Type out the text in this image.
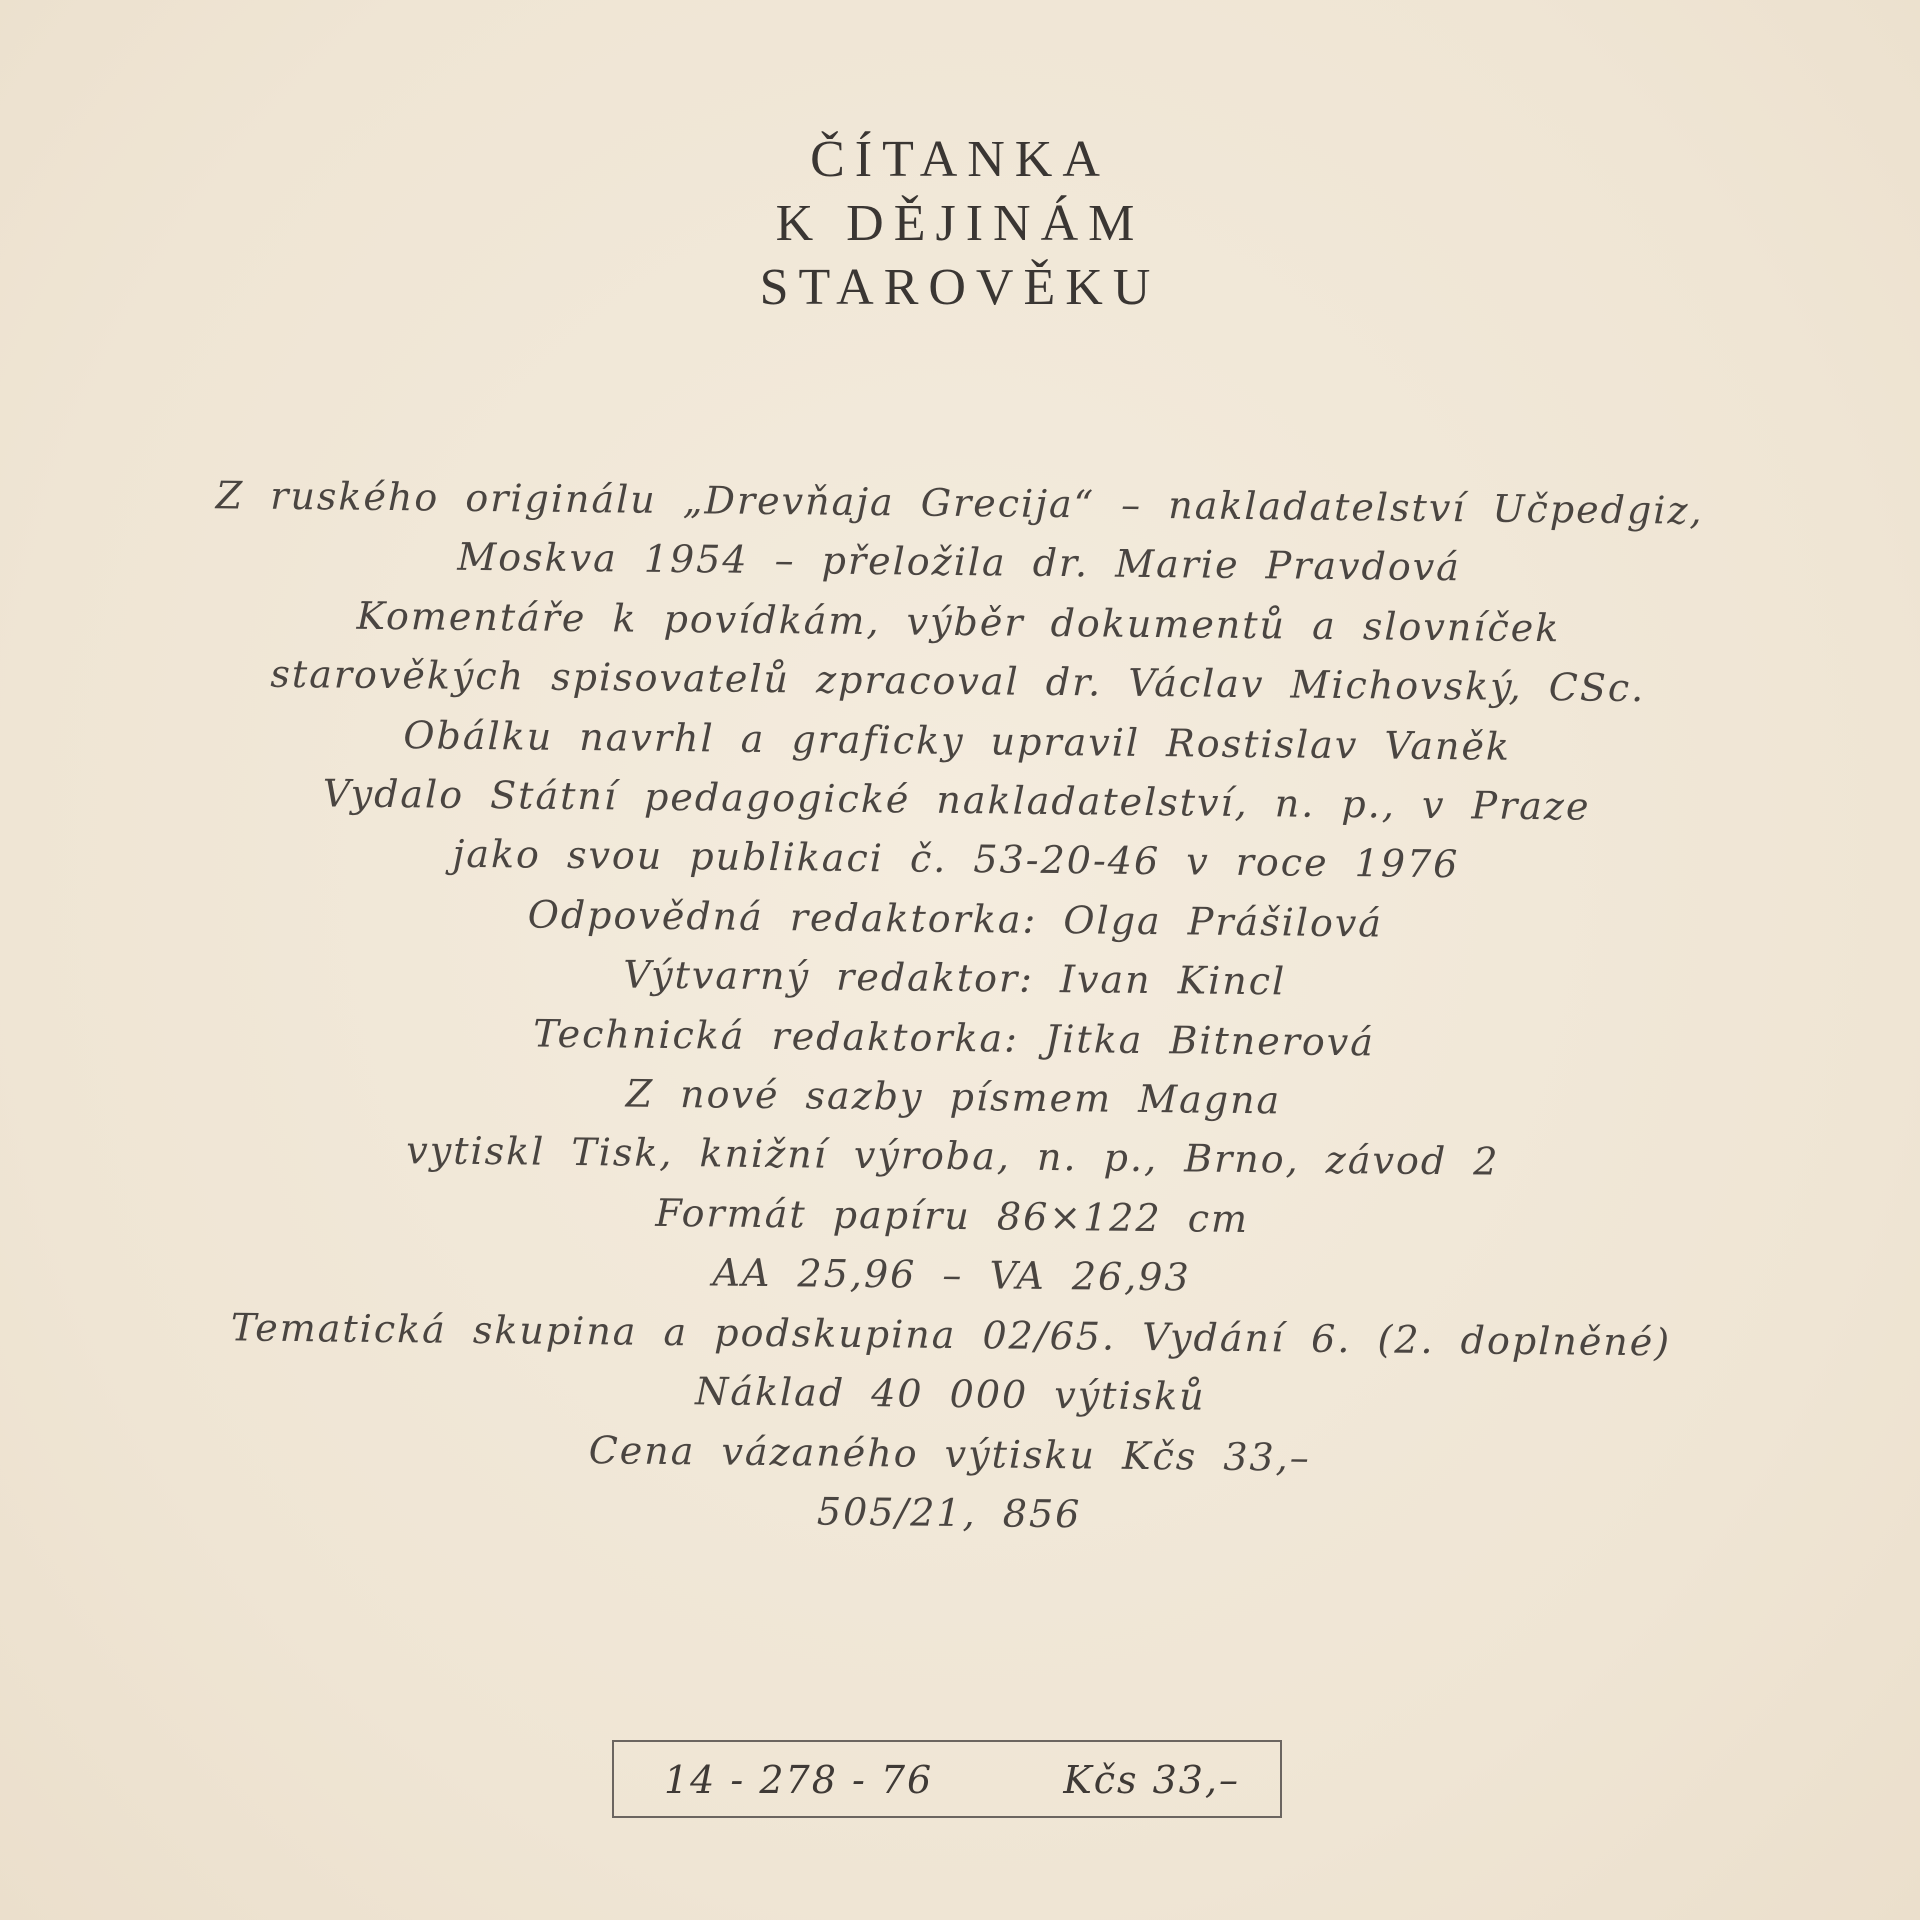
ČÍTANKA
K DĚJINÁM
STAROVĚKU
Z ruského originálu „Drevňaja Grecija“ – nakladatelství Učpedgiz,
Moskva 1954 – přeložila dr. Marie Pravdová
Komentáře k povídkám, výběr dokumentů a slovníček
starověkých spisovatelů zpracoval dr. Václav Michovský, CSc.
Obálku navrhl a graficky upravil Rostislav Vaněk
Vydalo Státní pedagogické nakladatelství, n. p., v Praze
jako svou publikaci č. 53-20-46 v roce 1976
Odpovědná redaktorka: Olga Prášilová
Výtvarný redaktor: Ivan Kincl
Technická redaktorka: Jitka Bitnerová
Z nové sazby písmem Magna
vytiskl Tisk, knižní výroba, n. p., Brno, závod 2
Formát papíru 86×122 cm
AA 25,96 – VA 26,93
Tematická skupina a podskupina 02/65. Vydání 6. (2. doplněné)
Náklad 40 000 výtisků
Cena vázaného výtisku Kčs 33,–
505/21, 856
14 - 278 - 76	Kčs 33,–
